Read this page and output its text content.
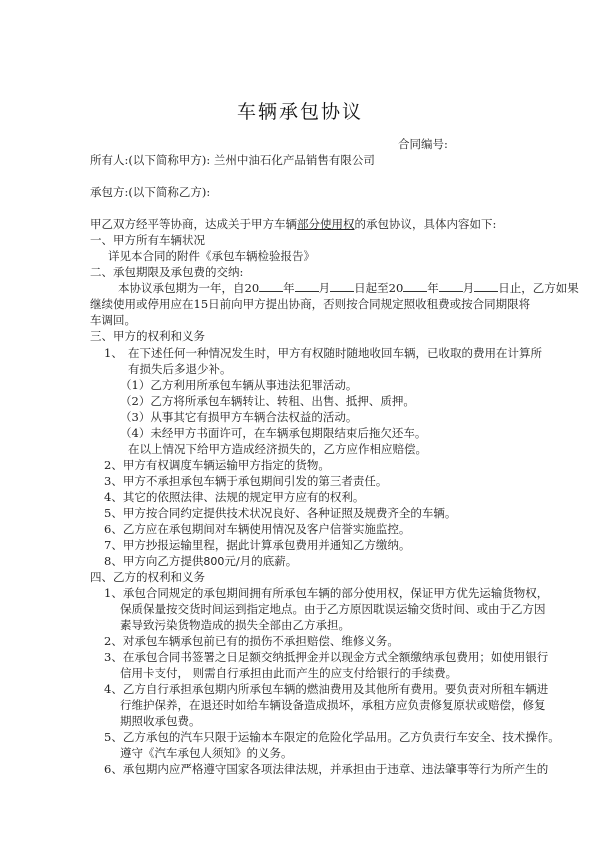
车辆承包协议
合同编号:
所有人:(以下简称甲方): 兰州中油石化产品销售有限公司
承包方:(以下简称乙方):
甲乙双方经平等协商，达成关于甲方车辆部分使用权的承包协议，具体内容如下:
一、甲方所有车辆状况
详见本合同的附件《承包车辆检验报告》
二、承包期限及承包费的交纳:
本协议承包期为一年，自20 年 月 日起至20 年 月 日止，乙方如果
继续使用或停用应在15日前向甲方提出协商，否则按合同规定照收租费或按合同期限将
车调回。
三、甲方的权利和义务
1、 在下述任何一种情况发生时，甲方有权随时随地收回车辆，已收取的费用在计算所
有损失后多退少补。
（1）乙方利用所承包车辆从事违法犯罪活动。
（2）乙方将所承包车辆转让、转租、出售、抵押、质押。
（3）从事其它有损甲方车辆合法权益的活动。
（4）未经甲方书面许可，在车辆承包期限结束后拖欠还车。
在以上情况下给甲方造成经济损失的，乙方应作相应赔偿。
2、甲方有权调度车辆运输甲方指定的货物。
3、甲方不承担承包车辆于承包期间引发的第三者责任。
4、其它的依照法律、法规的规定甲方应有的权利。
5、甲方按合同约定提供技术状况良好、各种证照及规费齐全的车辆。
6、乙方应在承包期间对车辆使用情况及客户信誉实施监控。
7、甲方抄报运输里程，据此计算承包费用并通知乙方缴纳。
8、甲方向乙方提供800元/月的底薪。
四、乙方的权利和义务
1、承包合同规定的承包期间拥有所承包车辆的部分使用权，保证甲方优先运输货物权，
保质保量按交货时间运到指定地点。由于乙方原因耽误运输交货时间、或由于乙方因
素导致污染货物造成的损失全部由乙方承担。
2、对承包车辆承包前已有的损伤不承担赔偿、维修义务。
3、在承包合同书签署之日足额交纳抵押金并以现金方式全额缴纳承包费用；如使用银行
信用卡支付， 则需自行承担由此而产生的应支付给银行的手续费。
4、乙方自行承担承包期内所承包车辆的燃油费用及其他所有费用。要负责对所租车辆进
行维护保养，在退还时如给车辆设备造成损坏，承租方应负责修复原状或赔偿，修复
期照收承包费。
5、乙方承包的汽车只限于运输本车限定的危险化学品用。乙方负责行车安全、技术操作。
遵守《汽车承包人须知》的义务。
6、承包期内应严格遵守国家各项法律法规，并承担由于违章、违法肇事等行为所产生的
